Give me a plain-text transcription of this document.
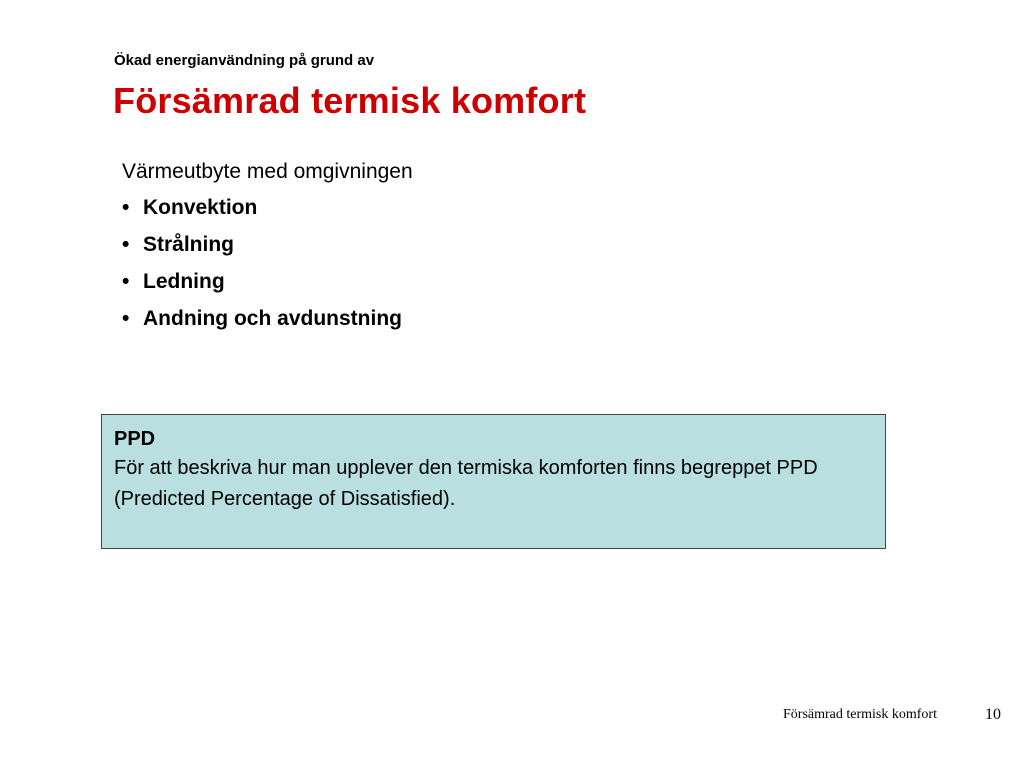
Ökad energianvändning på grund av
Försämrad termisk komfort
Värmeutbyte med omgivningen
• Konvektion
• Strålning
• Ledning
• Andning och avdunstning
PPD
För att beskriva hur man upplever den termiska komforten finns begreppet PPD (Predicted Percentage of Dissatisfied).
Försämrad termisk komfort	10
